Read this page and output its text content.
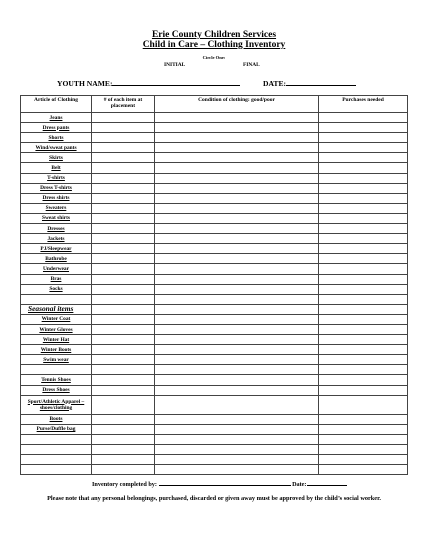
Erie County Children Services
Child in Care – Clothing Inventory
Circle One:
INITIAL	FINAL
YOUTH NAME:	DATE:
Article of Clothing	# of each item at placement	Condition of clothing: good/poor	Purchases needed
Jeans			
Dress pants			
Shorts			
Wind/sweat pants			
Skirts			
Belt			
T-shirts			
Dress T-shirts			
Dress shirts			
Sweaters			
Sweat shirts			
Dresses			
Jackets			
PJ/Sleepwear			
Bathrobe			
Underwear			
Bras			
Socks			

Seasonal items			
Winter Coat			
Winter Gloves			
Winter Hat			
Winter Boots			
Swim wear			

Tennis Shoes			
Dress Shoes			
Sport/Athletic Apparel – shoes/clothing			
Boots			
Purse/Duffle bag			

Inventory completed by:	Date:
Please note that any personal belongings, purchased, discarded or given away must be approved by the child’s social worker.
